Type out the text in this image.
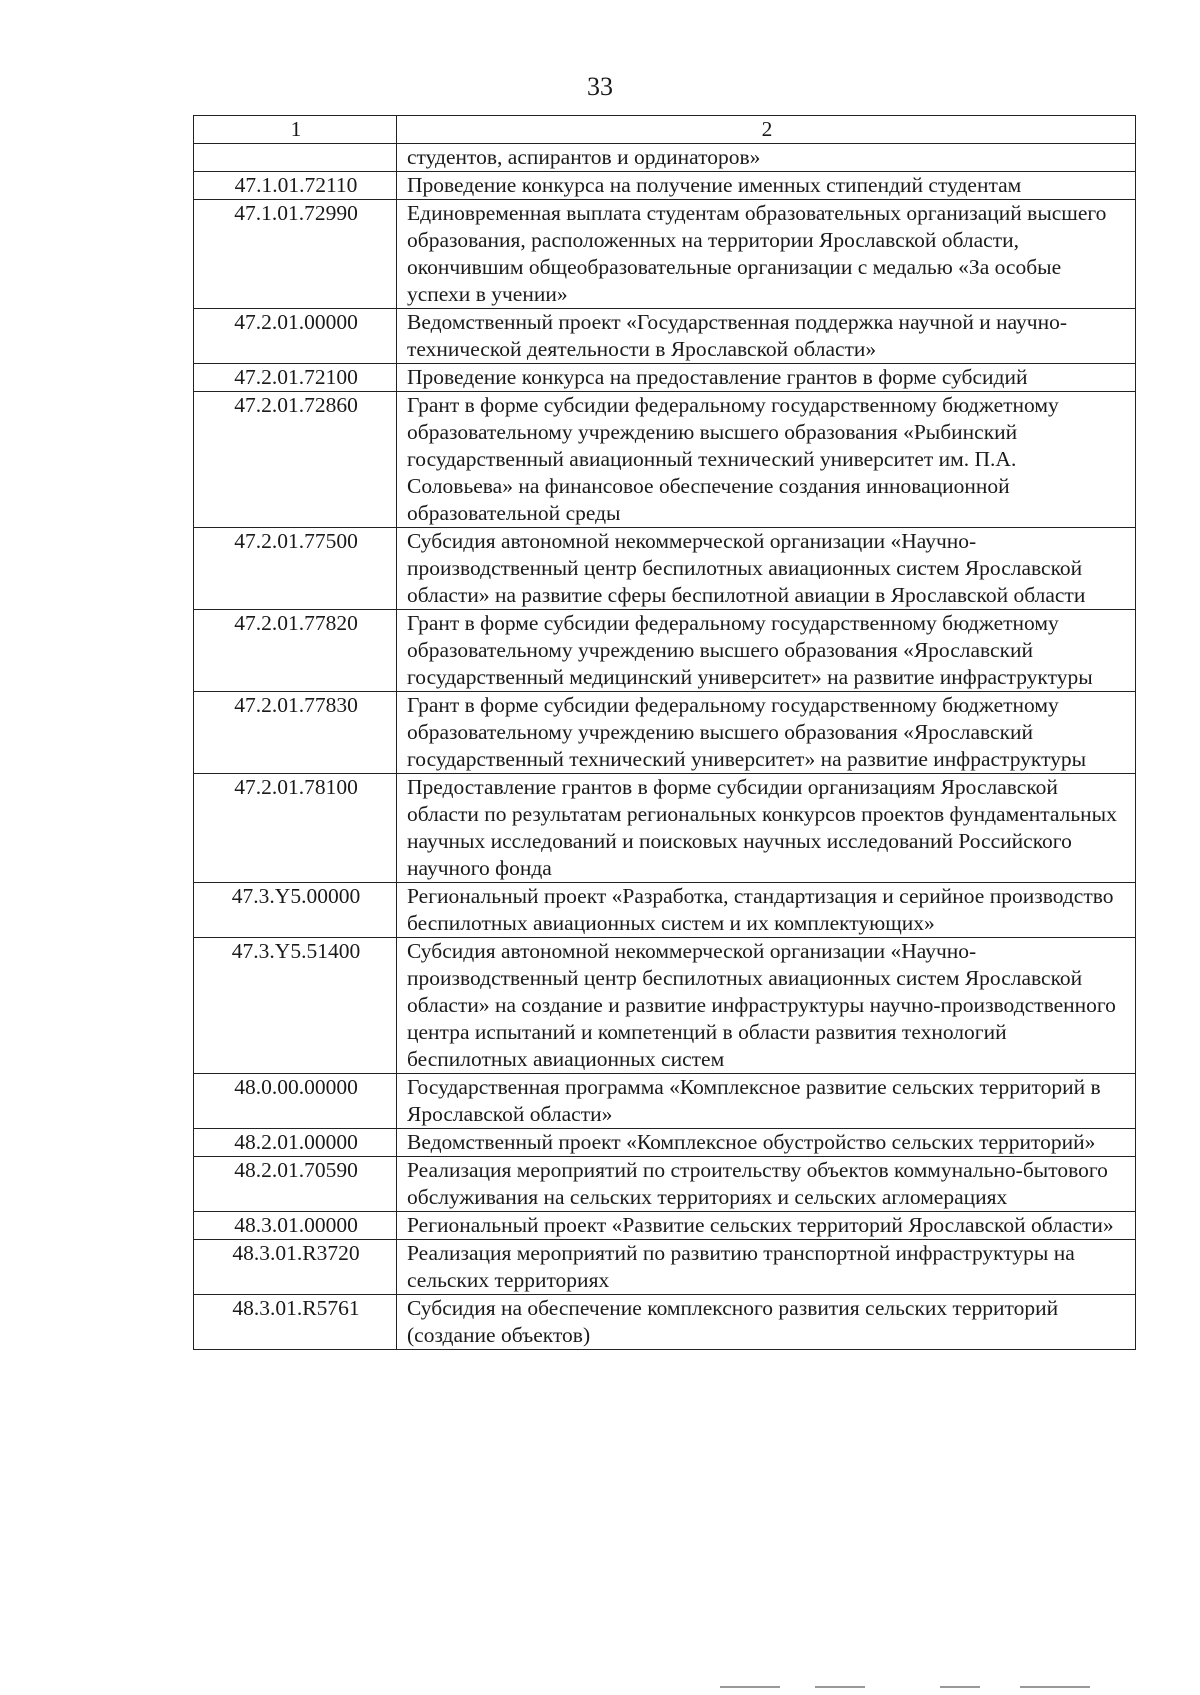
33
1	2
	студентов, аспирантов и ординаторов»
47.1.01.72110	Проведение конкурса на получение именных стипендий студентам
47.1.01.72990	Единовременная выплата студентам образовательных организаций высшего образования, расположенных на территории Ярославской области, окончившим общеобразовательные организации с медалью «За особые успехи в учении»
47.2.01.00000	Ведомственный проект «Государственная поддержка научной и научно-технической деятельности в Ярославской области»
47.2.01.72100	Проведение конкурса на предоставление грантов в форме субсидий
47.2.01.72860	Грант в форме субсидии федеральному государственному бюджетному образовательному учреждению высшего образования «Рыбинский государственный авиационный технический университет им. П.А. Соловьева» на финансовое обеспечение создания инновационной образовательной среды
47.2.01.77500	Субсидия автономной некоммерческой организации «Научно-производственный центр беспилотных авиационных систем Ярославской области» на развитие сферы беспилотной авиации в Ярославской области
47.2.01.77820	Грант в форме субсидии федеральному государственному бюджетному образовательному учреждению высшего образования «Ярославский государственный медицинский университет» на развитие инфраструктуры
47.2.01.77830	Грант в форме субсидии федеральному государственному бюджетному образовательному учреждению высшего образования «Ярославский государственный технический университет» на развитие инфраструктуры
47.2.01.78100	Предоставление грантов в форме субсидии организациям Ярославской области по результатам региональных конкурсов проектов фундаментальных научных исследований и поисковых научных исследований Российского научного фонда
47.3.Y5.00000	Региональный проект «Разработка, стандартизация и серийное производство беспилотных авиационных систем и их комплектующих»
47.3.Y5.51400	Субсидия автономной некоммерческой организации «Научно-производственный центр беспилотных авиационных систем Ярославской области» на создание и развитие инфраструктуры научно-производственного центра испытаний и компетенций в области развития технологий беспилотных авиационных систем
48.0.00.00000	Государственная программа «Комплексное развитие сельских территорий в Ярославской области»
48.2.01.00000	Ведомственный проект «Комплексное обустройство сельских территорий»
48.2.01.70590	Реализация мероприятий по строительству объектов коммунально-бытового обслуживания на сельских территориях и сельских агломерациях
48.3.01.00000	Региональный проект «Развитие сельских территорий Ярославской области»
48.3.01.R3720	Реализация мероприятий по развитию транспортной инфраструктуры на сельских территориях
48.3.01.R5761	Субсидия на обеспечение комплексного развития сельских территорий (создание объектов)
